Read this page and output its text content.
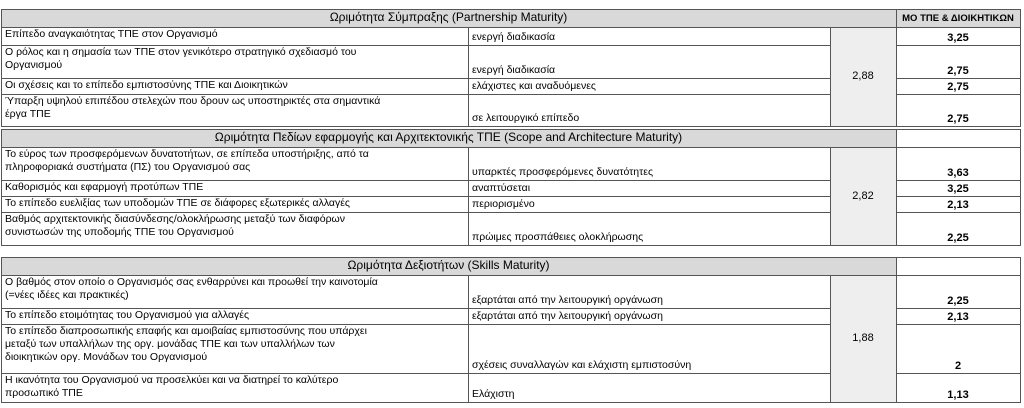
ΜΟ ΤΠΕ & ΔΙΟΙΚΗΤΙΚΩΝ
Ωριμότητα Σύμπραξης (Partnership Maturity)
Επίπεδο αναγκαιότητας ΤΠΕ στον Οργανισμό	ενεργή διαδικασία	3,25
Ο ρόλος και η σημασία των ΤΠΕ στον γενικότερο στρατηγικό σχεδιασμό του
Οργανισμού	ενεργή διαδικασία	2,75
Οι σχέσεις και το επίπεδο εμπιστοσύνης ΤΠΕ και Διοικητικών	ελάχιστες και αναδυόμενες	2,75
Ύπαρξη υψηλού επιπέδου στελεχών που δρουν ως υποστηρικτές στα σημαντικά
έργα ΤΠΕ	σε λειτουργικό επίπεδο	2,75
2,88
Ωριμότητα Πεδίων εφαρμογής και Αρχιτεκτονικής ΤΠΕ (Scope and Architecture Maturity)
Το εύρος των προσφερόμενων δυνατοτήτων, σε επίπεδα υποστήριξης, από τα
πληροφοριακά συστήματα (ΠΣ) του Οργανισμού σας	υπαρκτές προσφερόμενες δυνατότητες	3,63
Καθορισμός και εφαρμογή προτύπων ΤΠΕ	αναπτύσεται	3,25
Το επίπεδο ευελιξίας των υποδομών ΤΠΕ σε διάφορες εξωτερικές αλλαγές	περιορισμένο	2,13
Βαθμός αρχιτεκτονικής διασύνδεσης/ολοκλήρωσης μεταξύ των διαφόρων
συνιστωσών της υποδομής ΤΠΕ του Οργανισμού	πρώιμες προσπάθειες ολοκλήρωσης	2,25
2,82
Ωριμότητα Δεξιοτήτων (Skills Maturity)
Ο βαθμός στον οποίο ο Οργανισμός σας ενθαρρύνει και προωθεί την καινοτομία
(=νέες ιδέες και πρακτικές)	εξαρτάται από την λειτουργική οργάνωση	2,25
Το επίπεδο ετοιμότητας του Οργανισμού για αλλαγές	εξαρτάται από την λειτουργική οργάνωση	2,13
Το επίπεδο διαπροσωπικής επαφής και αμοιβαίας εμπιστοσύνης που υπάρχει
μεταξύ των υπαλλήλων της οργ. μονάδας ΤΠΕ και των υπαλλήλων των
διοικητικών οργ. Μονάδων του Οργανισμού
σχέσεις συναλλαγών και ελάχιστη εμπιστοσύνη	2
Η ικανότητα του Οργανισμού να προσελκύει και να διατηρεί το καλύτερο
προσωπικό ΤΠΕ	Ελάχιστη	1,13
1,88
